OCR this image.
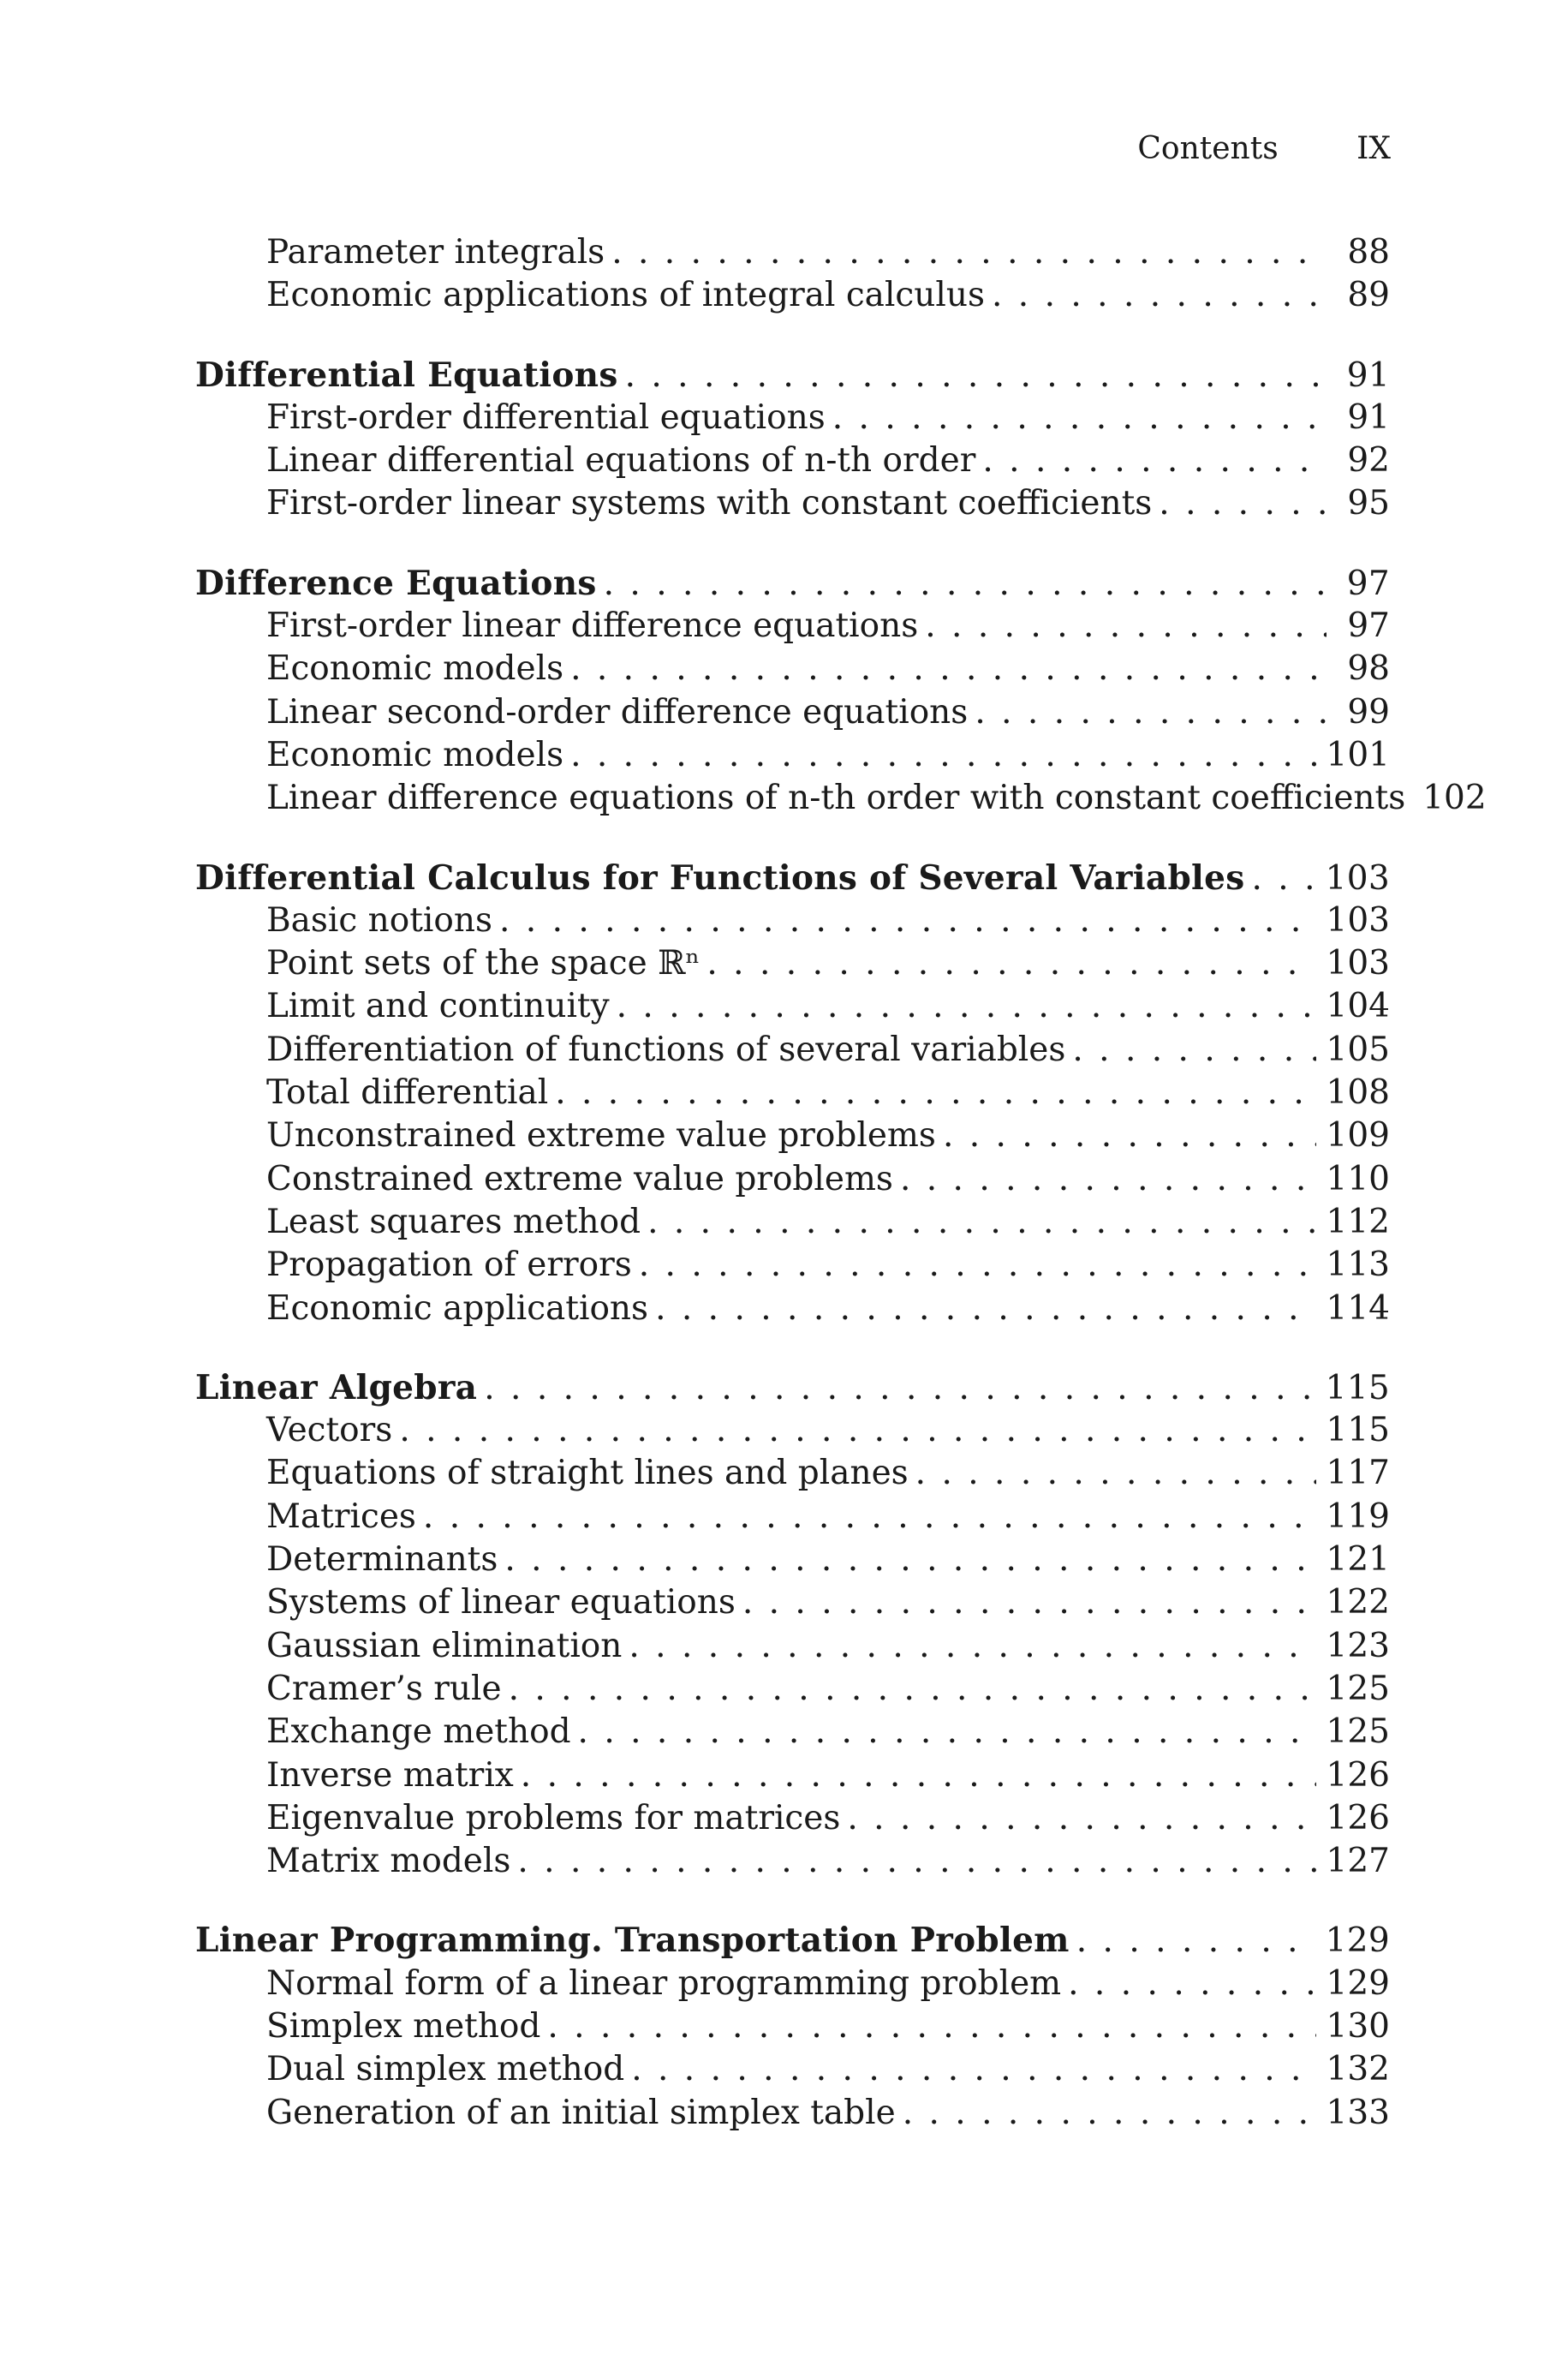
Contents	IX
Parameter integrals . . .	88
Economic applications of integral calculus . . .	89
Differential Equations . . .	91
First-order differential equations . . .	91
Linear differential equations of n-th order . . .	92
First-order linear systems with constant coefficients . . .	95
Difference Equations . . .	97
First-order linear difference equations . . .	97
Economic models . . .	98
Linear second-order difference equations . . .	99
Economic models . . .	101
Linear difference equations of n-th order with constant coefficients 102
Differential Calculus for Functions of Several Variables . . . 103
Basic notions . . .	103
Point sets of the space ℝⁿ . . .	103
Limit and continuity . . .	104
Differentiation of functions of several variables . . .	105
Total differential . . .	108
Unconstrained extreme value problems . . .	109
Constrained extreme value problems . . .	110
Least squares method . . .	112
Propagation of errors . . .	113
Economic applications . . .	114
Linear Algebra . . .	115
Vectors . . .	115
Equations of straight lines and planes . . .	117
Matrices . . .	119
Determinants . . .	121
Systems of linear equations . . .	122
Gaussian elimination . . .	123
Cramer’s rule . . .	125
Exchange method . . .	125
Inverse matrix . . .	126
Eigenvalue problems for matrices . . .	126
Matrix models . . .	127
Linear Programming. Transportation Problem . . .	129
Normal form of a linear programming problem . . .	129
Simplex method . . .	130
Dual simplex method . . .	132
Generation of an initial simplex table . . .	133
